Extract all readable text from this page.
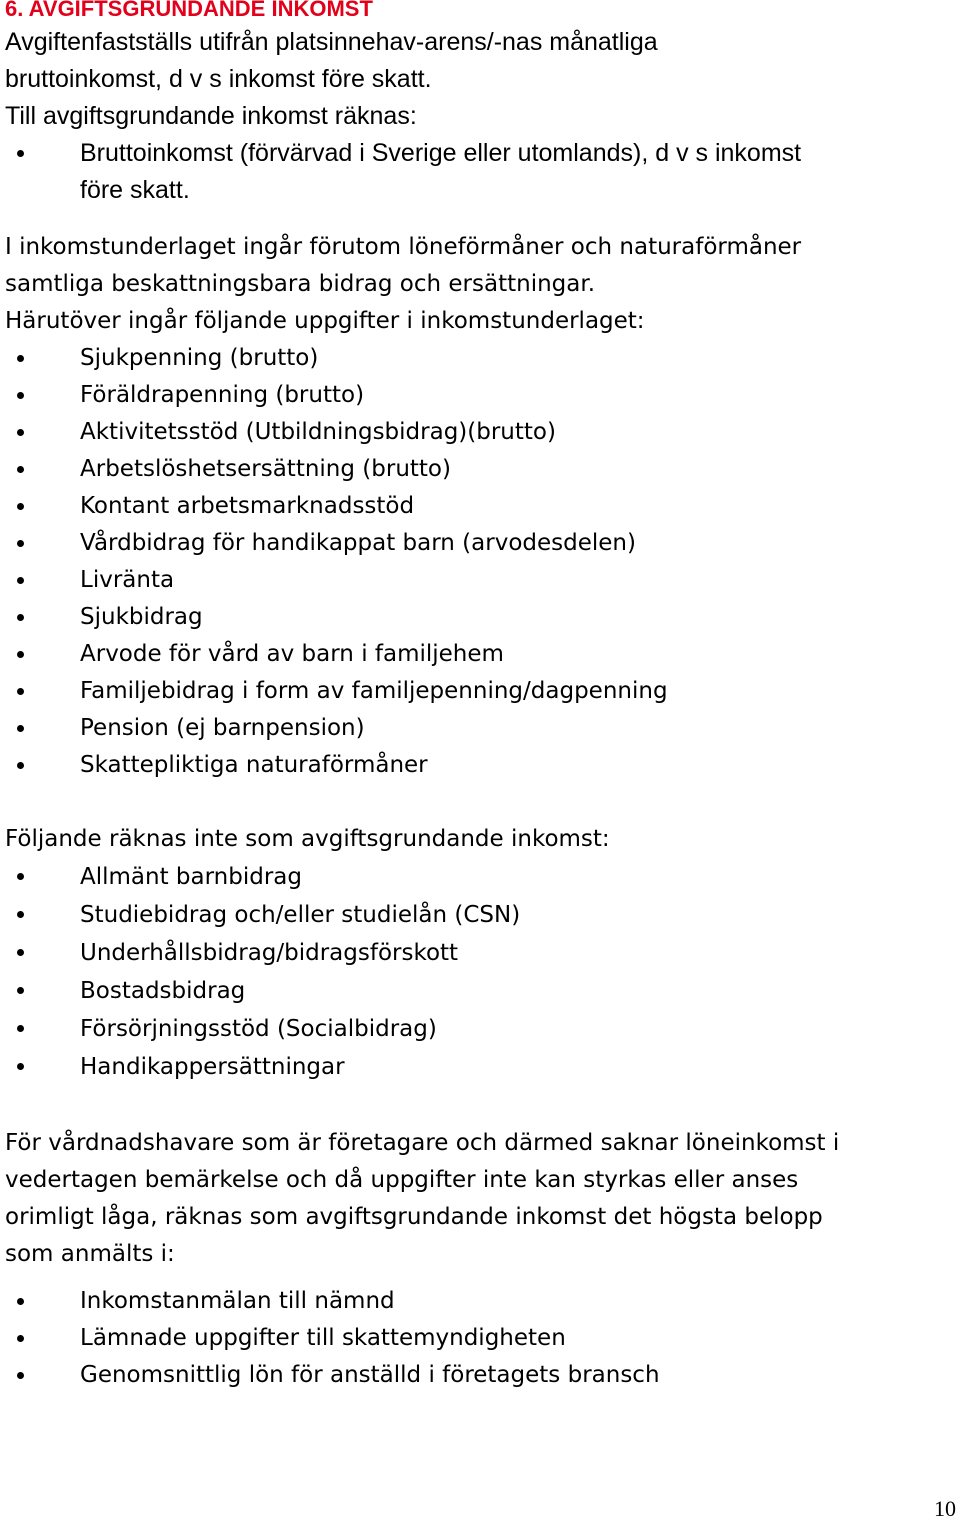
6. AVGIFTSGRUNDANDE INKOMST
Avgiftenfastställs utifrån platsinnehav-arens/-nas månatliga
bruttoinkomst, d v s inkomst före skatt.
Till avgiftsgrundande inkomst räknas:
Bruttoinkomst (förvärvad i Sverige eller utomlands), d v s inkomst
före skatt.
I inkomstunderlaget ingår förutom löneförmåner och naturaförmåner
samtliga beskattningsbara bidrag och ersättningar.
Härutöver ingår följande uppgifter i inkomstunderlaget:
Sjukpenning (brutto)
Föräldrapenning (brutto)
Aktivitetsstöd (Utbildningsbidrag)(brutto)
Arbetslöshetsersättning (brutto)
Kontant arbetsmarknadsstöd
Vårdbidrag för handikappat barn (arvodesdelen)
Livränta
Sjukbidrag
Arvode för vård av barn i familjehem
Familjebidrag i form av familjepenning/dagpenning
Pension (ej barnpension)
Skattepliktiga naturaförmåner
Följande räknas inte som avgiftsgrundande inkomst:
Allmänt barnbidrag
Studiebidrag och/eller studielån (CSN)
Underhållsbidrag/bidragsförskott
Bostadsbidrag
Försörjningsstöd (Socialbidrag)
Handikappersättningar
För vårdnadshavare som är företagare och därmed saknar löneinkomst i
vedertagen bemärkelse och då uppgifter inte kan styrkas eller anses
orimligt låga, räknas som avgiftsgrundande inkomst det högsta belopp
som anmälts i:
Inkomstanmälan till nämnd
Lämnade uppgifter till skattemyndigheten
Genomsnittlig lön för anställd i företagets bransch
10
